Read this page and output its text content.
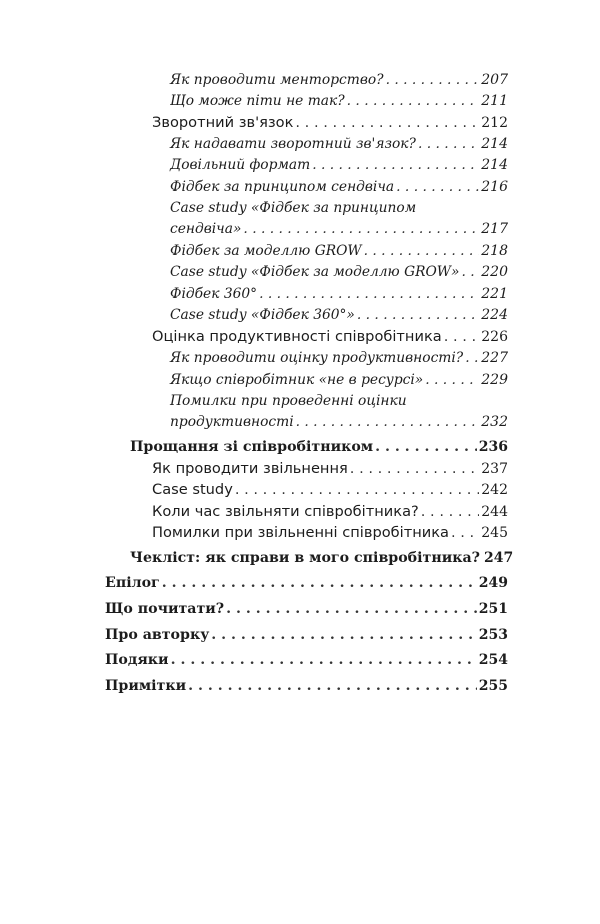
Як проводити менторство? . . .	207
Що може піти не так? . . .	211
Зворотний зв'язок . . .	212
Як надавати зворотний зв'язок? . . .	214
Довільний формат . . .	214
Фідбек за принципом сендвіча . . .	216
Case study «Фідбек за принципом
сендвіча» . . .	217
Фідбек за моделлю GROW . . .	218
Case study «Фідбек за моделлю GROW» . . . 220
Фідбек 360° . . .	221
Case study «Фідбек 360°» . . .	224
Оцінка продуктивності співробітника . . .	226
Як проводити оцінку продуктивності? . . . 227
Якщо співробітник «не в ресурсі» . . .	229
Помилки при проведенні оцінки
продуктивності . . .	232
Прощання зі співробітником . . .	236
Як проводити звільнення . . .	237
Case study . . .	242
Коли час звільняти співробітника? . . .	244
Помилки при звільненні співробітника . . . 245
Чекліст: як справи в мого співробітника? 247
Епілог . . .	249
Що почитати? . . .	251
Про авторку . . .	253
Подяки . . .	254
Примітки . . .	255
